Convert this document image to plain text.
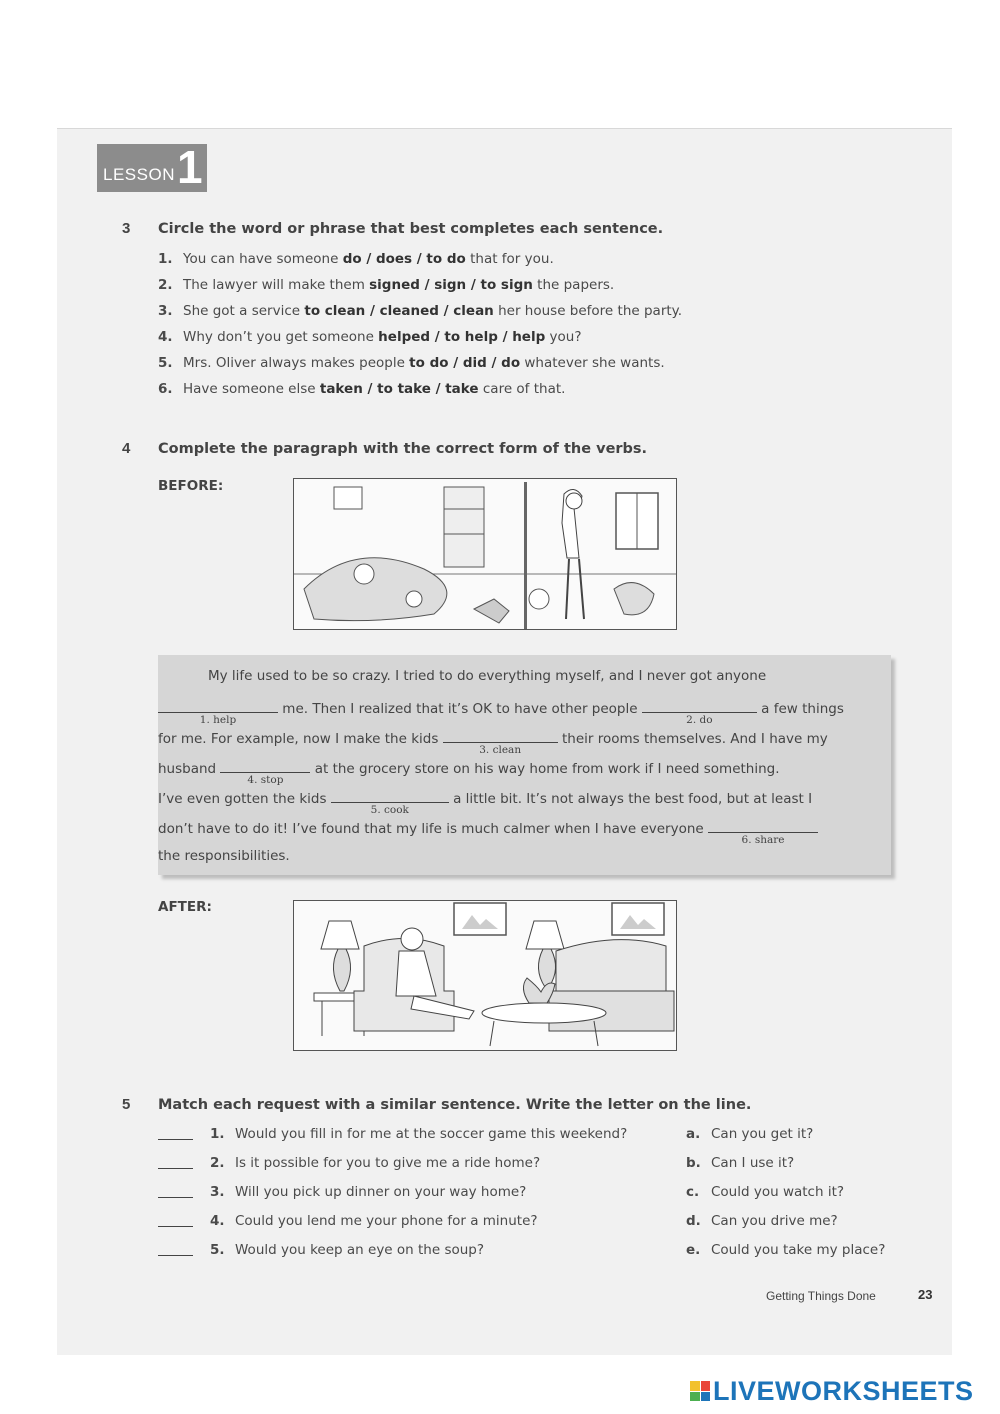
LESSON 1
3 Circle the word or phrase that best completes each sentence.
1. You can have someone do / does / to do that for you.
2. The lawyer will make them signed / sign / to sign the papers.
3. She got a service to clean / cleaned / clean her house before the party.
4. Why don’t you get someone helped / to help / help you?
5. Mrs. Oliver always makes people to do / did / do whatever she wants.
6. Have someone else taken / to take / take care of that.
4 Complete the paragraph with the correct form of the verbs.
BEFORE:
My life used to be so crazy. I tried to do everything myself, and I never got anyone
1. help
me. Then I realized that it’s OK to have other people
2. do
a few things
for me. For example, now I make the kids
3. clean
their rooms themselves. And I have my
husband
4. stop
at the grocery store on his way home from work if I need something.
I’ve even gotten the kids
5. cook
a little bit. It’s not always the best food, but at least I
don’t have to do it! I’ve found that my life is much calmer when I have everyone
6. share
the responsibilities.
AFTER:
5 Match each request with a similar sentence. Write the letter on the line.
1. Would you fill in for me at the soccer game this weekend?	a. Can you get it?
2. Is it possible for you to give me a ride home?	b. Can I use it?
3. Will you pick up dinner on your way home?	c. Could you watch it?
4. Could you lend me your phone for a minute?	d. Can you drive me?
5. Would you keep an eye on the soup?	e. Could you take my place?
Getting Things Done	23
LIVEWORKSHEETS
